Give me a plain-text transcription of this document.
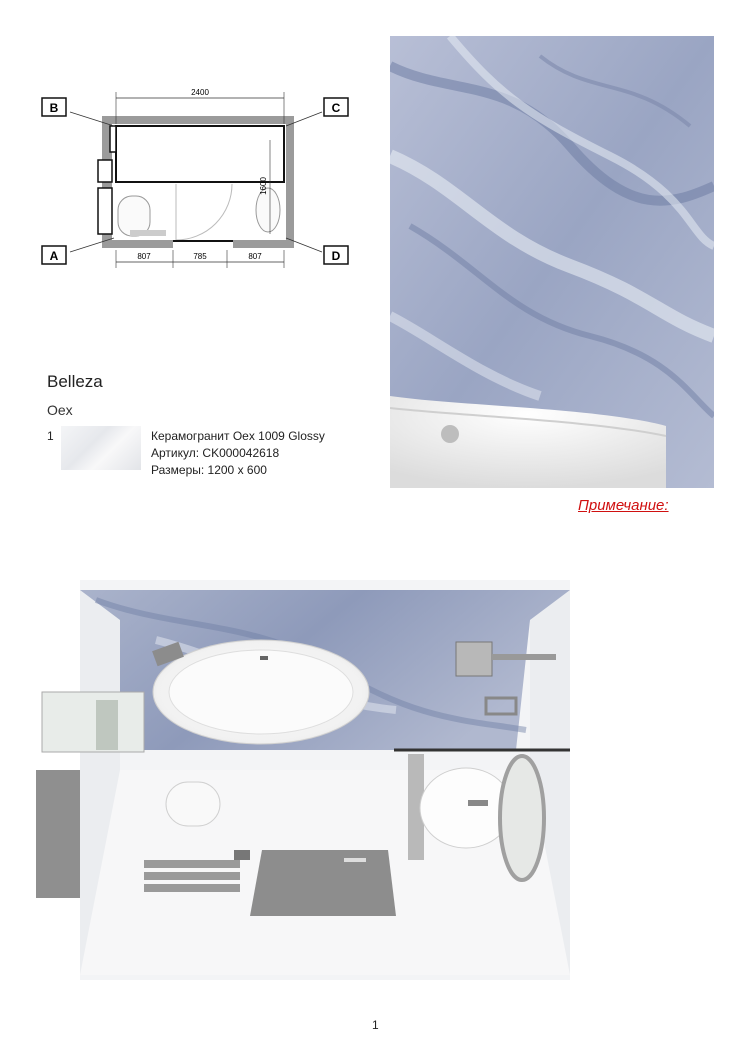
B	C
A	D
2400
1600
807	785	807
Belleza
Oex
1	Керамогранит Oex 1009 Glossy
Артикул: CK000042618
Размеры: 1200 x 600
Примечание:
1
